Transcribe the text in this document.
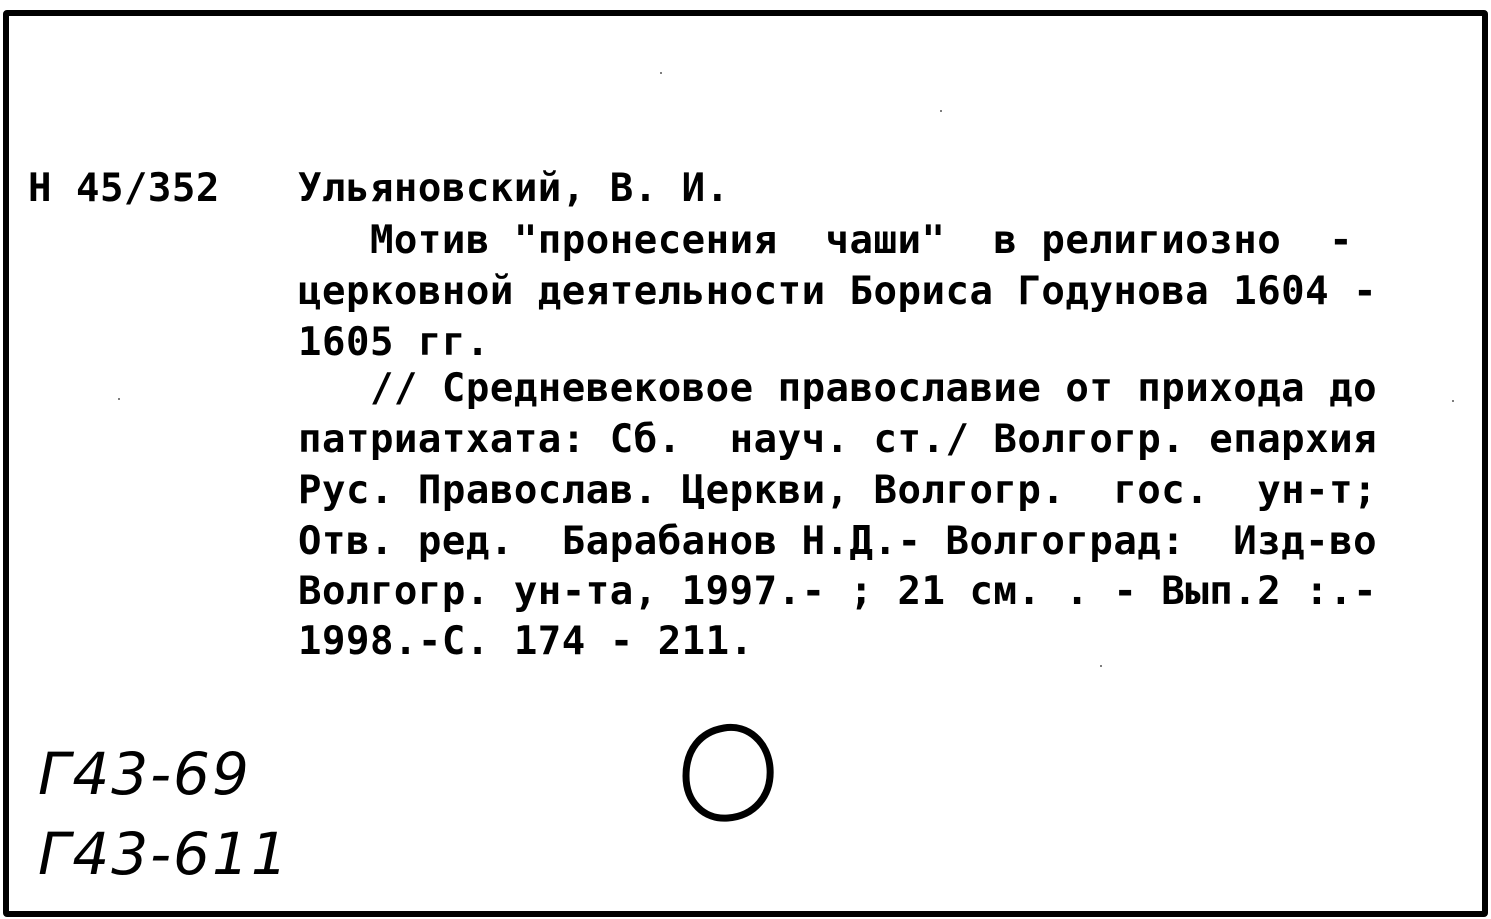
Н 45/352 Ульяновский, В. И.
Мотив "пронесения  чаши"  в религиозно  -
церковной деятельности Бориса Годунова 1604 -
1605 гг.
// Средневековое православие от прихода до
патриатхата: Сб.  науч. ст./ Волгогр. епархия
Рус. Православ. Церкви, Волгогр.  гос.  ун-т;
Отв. ред.  Барабанов Н.Д.- Волгоград:  Изд-во
Волгогр. ун-та, 1997.- ; 21 см. . - Вып.2 :.-
1998.-С. 174 - 211.
Г43-69
Г43-611
